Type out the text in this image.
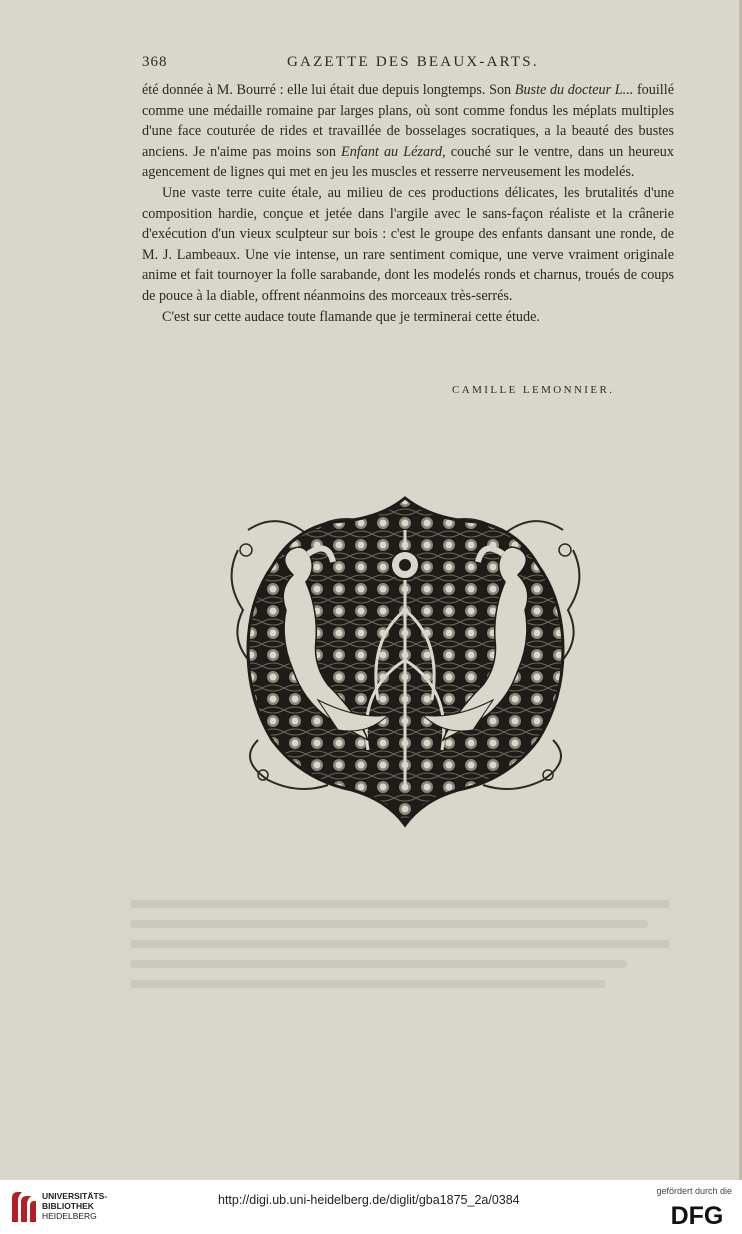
368	GAZETTE DES BEAUX-ARTS.

été donnée à M. Bourré : elle lui était due depuis longtemps. Son Buste du docteur L... fouillé comme une médaille romaine par larges plans, où sont comme fondus les méplats multiples d'une face couturée de rides et travaillée de bosselages socratiques, a la beauté des bustes anciens. Je n'aime pas moins son Enfant au Lézard, couché sur le ventre, dans un heureux agencement de lignes qui met en jeu les muscles et resserre nerveusement les modelés.

Une vaste terre cuite étale, au milieu de ces productions délicates, les brutalités d'une composition hardie, conçue et jetée dans l'argile avec le sans-façon réaliste et la crânerie d'exécution d'un vieux sculpteur sur bois : c'est le groupe des enfants dansant une ronde, de M. J. Lambeaux. Une vie intense, un rare sentiment comique, une verve vraiment originale anime et fait tournoyer la folle sarabande, dont les modelés ronds et charnus, troués de coups de pouce à la diable, offrent néanmoins des morceaux très-serrés.

C'est sur cette audace toute flamande que je terminerai cette étude.

CAMILLE LEMONNIER.
UNIVERSITÄTS-
BIBLIOTHEK
HEIDELBERG
http://digi.ub.uni-heidelberg.de/diglit/gba1875_2a/0384
gefördert durch die
DFG
